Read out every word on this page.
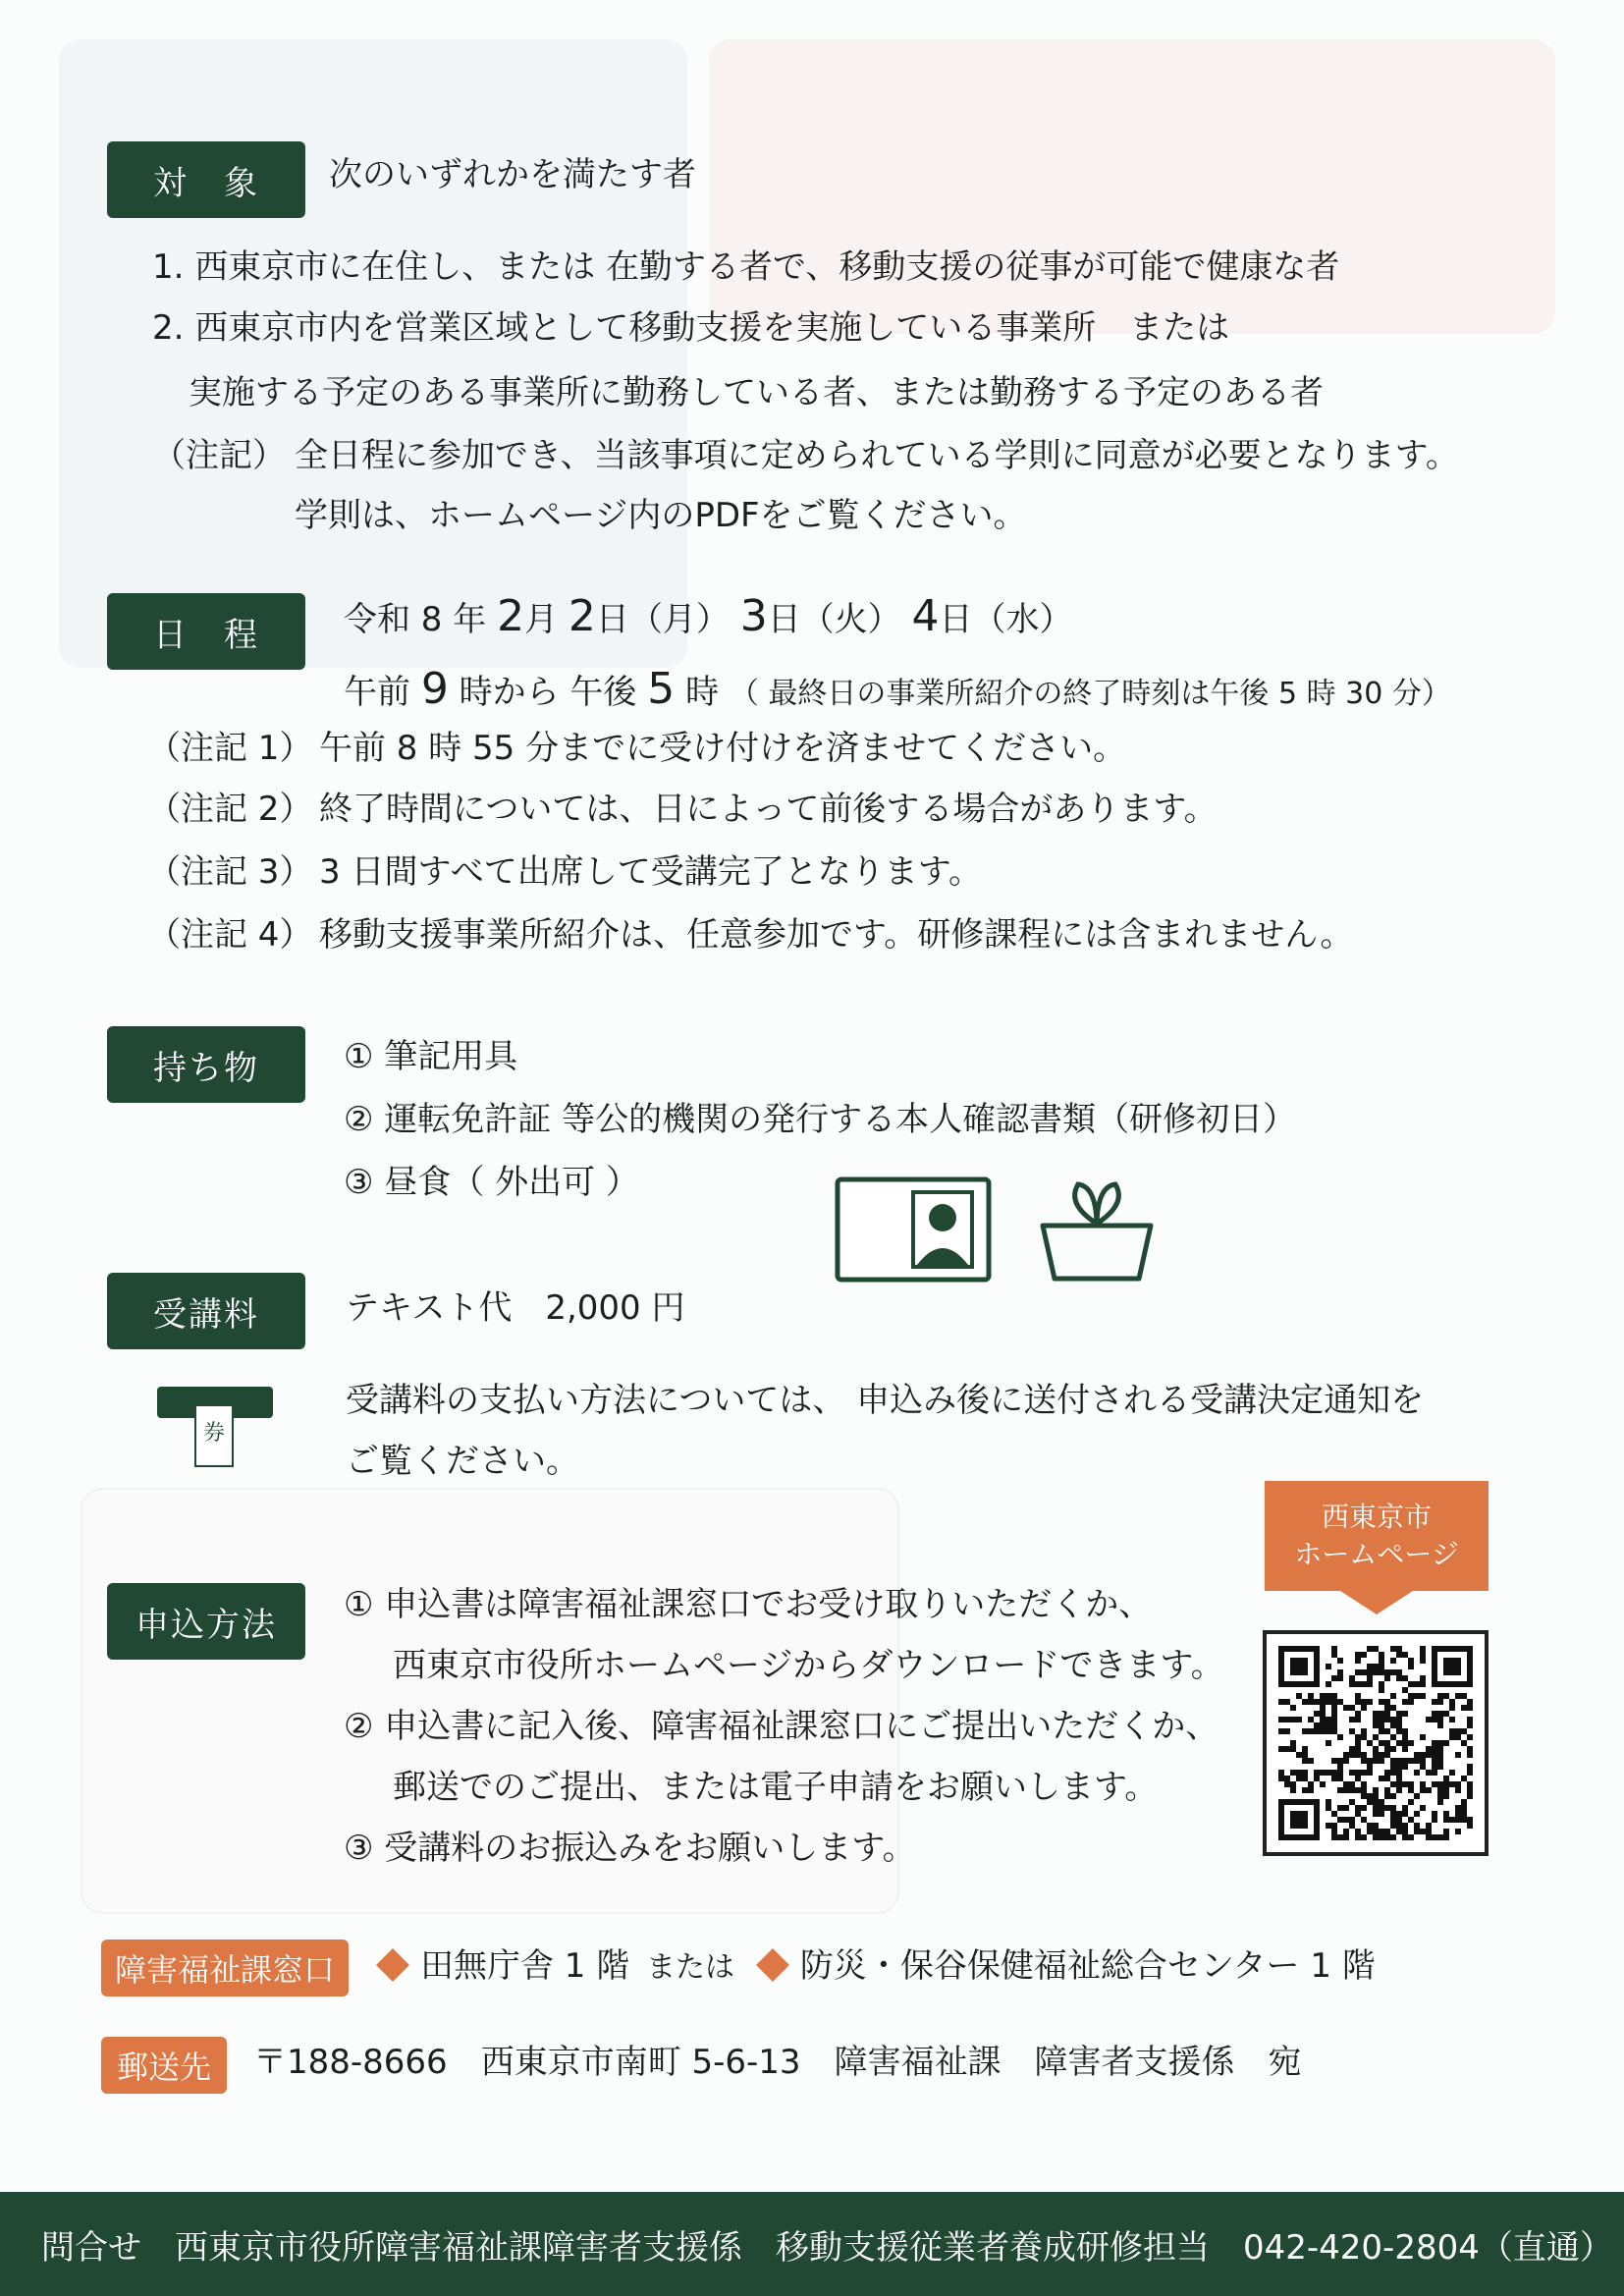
対　象	次のいずれかを満たす者
1. 西東京市に在住し、または 在勤する者で、移動支援の従事が可能で健康な者
2. 西東京市内を営業区域として移動支援を実施している事業所　または
実施する予定のある事業所に勤務している者、または勤務する予定のある者
（注記） 全日程に参加でき、当該事項に定められている学則に同意が必要となります。
学則は、ホームページ内のPDFをご覧ください。
日　程	令和 8 年 2月 2日（月） 3日（火） 4日（水）
午前 9 時から 午後 5 時 （ 最終日の事業所紹介の終了時刻は午後 5 時 30 分）
（注記 1） 午前 8 時 55 分までに受け付けを済ませてください。
（注記 2） 終了時間については、日によって前後する場合があります。
（注記 3） 3 日間すべて出席して受講完了となります。
（注記 4） 移動支援事業所紹介は、任意参加です。研修課程には含まれません。
持ち物	① 筆記用具
② 運転免許証 等公的機関の発行する本人確認書類（研修初日）
③ 昼食（ 外出可 ）
受講料	テキスト代　2,000 円
券
受講料の支払い方法については、 申込み後に送付される受講決定通知を
ご覧ください。
申込方法
① 申込書は障害福祉課窓口でお受け取りいただくか、
西東京市役所ホームページからダウンロードできます。
② 申込書に記入後、障害福祉課窓口にご提出いただくか、
郵送でのご提出、または電子申請をお願いします。
③ 受講料のお振込みをお願いします。
西東京市
ホームページ
障害福祉課窓口	田無庁舎 1 階 または 防災・保谷保健福祉総合センター 1 階
郵送先	〒188-8666　西東京市南町 5-6-13　障害福祉課　障害者支援係　宛
問合せ　西東京市役所障害福祉課障害者支援係　移動支援従業者養成研修担当　042-420-2804（直通）
